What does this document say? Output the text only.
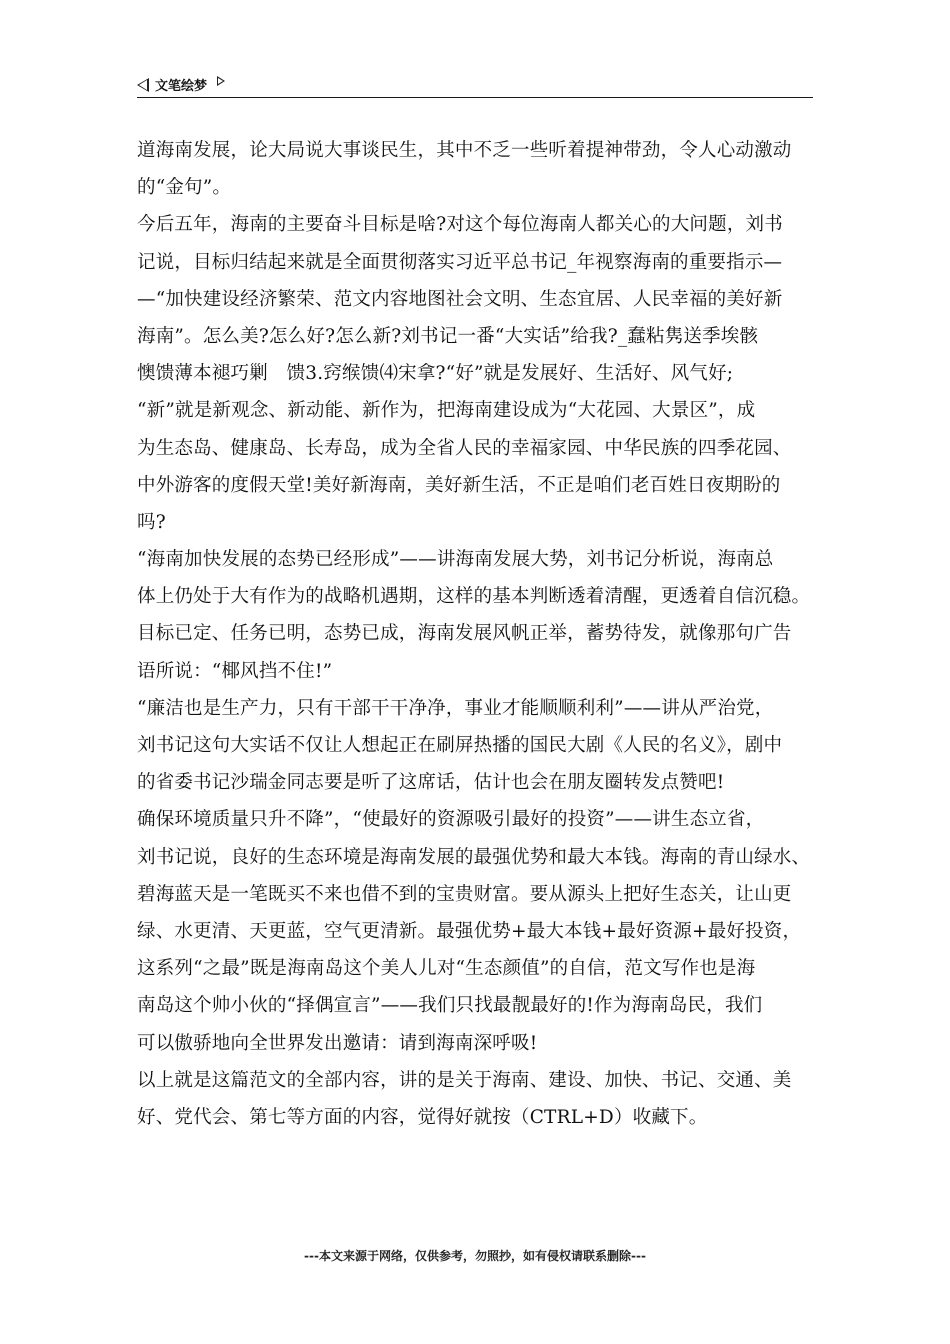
文笔绘梦
道海南发展，论大局说大事谈民生，其中不乏一些听着提神带劲，令人心动激动
的“金句”。
今后五年，海南的主要奋斗目标是啥?对这个每位海南人都关心的大问题，刘书
记说，目标归结起来就是全面贯彻落实习近平总书记_年视察海南的重要指示—
—“加快建设经济繁荣、范文内容地图社会文明、生态宜居、人民幸福的美好新
海南”。怎么美?怎么好?怎么新?刘书记一番“大实话”给我?_蠢粘隽送季埃骸
懊馈薄本褪巧剿　馈3.窍缑馈⑷宋拿?“好”就是发展好、生活好、风气好;
“新”就是新观念、新动能、新作为，把海南建设成为“大花园、大景区”，成
为生态岛、健康岛、长寿岛，成为全省人民的幸福家园、中华民族的四季花园、
中外游客的度假天堂!美好新海南，美好新生活，不正是咱们老百姓日夜期盼的
吗?
“海南加快发展的态势已经形成”——讲海南发展大势，刘书记分析说，海南总
体上仍处于大有作为的战略机遇期，这样的基本判断透着清醒，更透着自信沉稳。
目标已定、任务已明，态势已成，海南发展风帆正举，蓄势待发，就像那句广告
语所说：“椰风挡不住!”
“廉洁也是生产力，只有干部干干净净，事业才能顺顺利利”——讲从严治党，
刘书记这句大实话不仅让人想起正在刷屏热播的国民大剧《人民的名义》，剧中
的省委书记沙瑞金同志要是听了这席话，估计也会在朋友圈转发点赞吧!
确保环境质量只升不降”，“使最好的资源吸引最好的投资”——讲生态立省，
刘书记说，良好的生态环境是海南发展的最强优势和最大本钱。海南的青山绿水、
碧海蓝天是一笔既买不来也借不到的宝贵财富。要从源头上把好生态关，让山更
绿、水更清、天更蓝，空气更清新。最强优势+最大本钱+最好资源+最好投资，
这系列“之最”既是海南岛这个美人儿对“生态颜值”的自信，范文写作也是海
南岛这个帅小伙的“择偶宣言”——我们只找最靓最好的!作为海南岛民，我们
可以傲骄地向全世界发出邀请：请到海南深呼吸!
以上就是这篇范文的全部内容，讲的是关于海南、建设、加快、书记、交通、美
好、党代会、第七等方面的内容，觉得好就按（CTRL+D）收藏下。
---本文来源于网络，仅供参考，勿照抄，如有侵权请联系删除---
